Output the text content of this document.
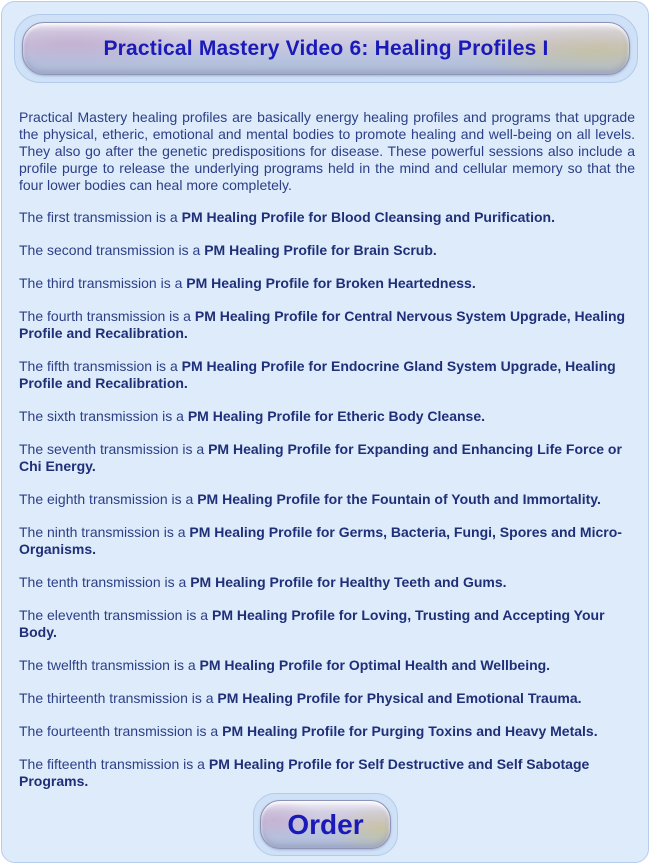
Practical Mastery Video 6: Healing Profiles I

Practical Mastery healing profiles are basically energy healing profiles and programs that upgrade the physical, etheric, emotional and mental bodies to promote healing and well-being on all levels. They also go after the genetic predispositions for disease. These powerful sessions also include a profile purge to release the underlying programs held in the mind and cellular memory so that the four lower bodies can heal more completely.

The first transmission is a PM Healing Profile for Blood Cleansing and Purification.

The second transmission is a PM Healing Profile for Brain Scrub.

The third transmission is a PM Healing Profile for Broken Heartedness.

The fourth transmission is a PM Healing Profile for Central Nervous System Upgrade, Healing Profile and Recalibration.

The fifth transmission is a PM Healing Profile for Endocrine Gland System Upgrade, Healing Profile and Recalibration.

The sixth transmission is a PM Healing Profile for Etheric Body Cleanse.

The seventh transmission is a PM Healing Profile for Expanding and Enhancing Life Force or Chi Energy.

The eighth transmission is a PM Healing Profile for the Fountain of Youth and Immortality.

The ninth transmission is a PM Healing Profile for Germs, Bacteria, Fungi, Spores and Micro-Organisms.

The tenth transmission is a PM Healing Profile for Healthy Teeth and Gums.

The eleventh transmission is a PM Healing Profile for Loving, Trusting and Accepting Your Body.

The twelfth transmission is a PM Healing Profile for Optimal Health and Wellbeing.

The thirteenth transmission is a PM Healing Profile for Physical and Emotional Trauma.

The fourteenth transmission is a PM Healing Profile for Purging Toxins and Heavy Metals.

The fifteenth transmission is a PM Healing Profile for Self Destructive and Self Sabotage Programs.

Order
